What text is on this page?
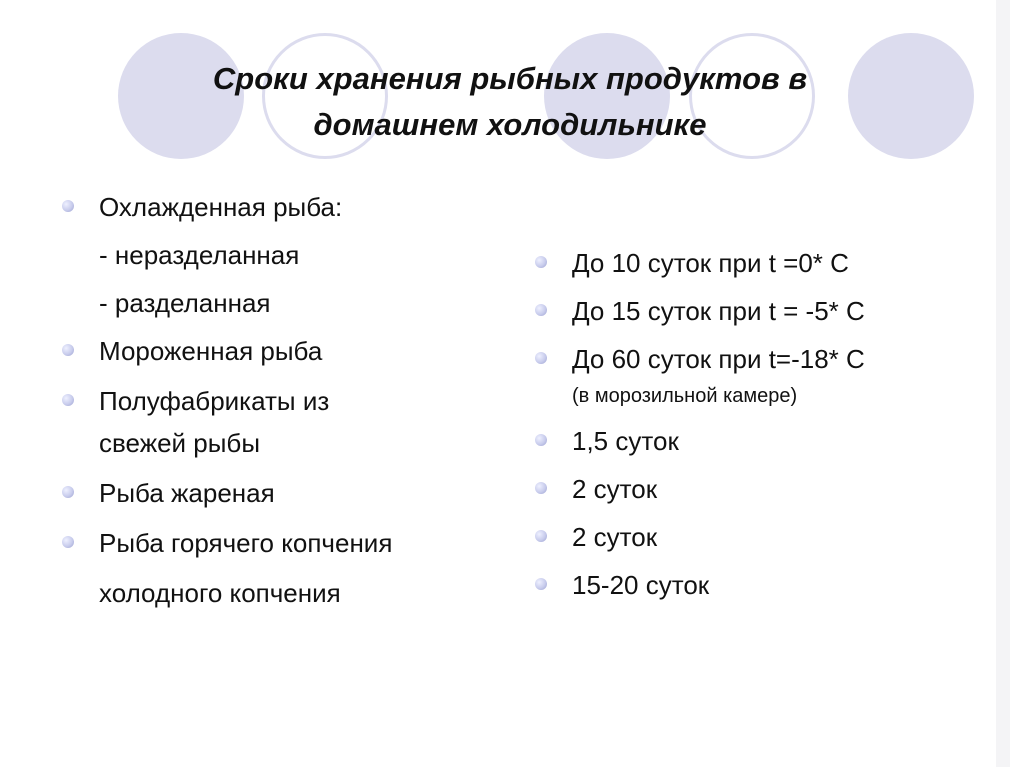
Сроки хранения рыбных продуктов в
домашнем холодильнике
Охлажденная рыба:
- неразделанная
- разделанная
Мороженная рыба
Полуфабрикаты из
свежей рыбы
Рыба жареная
Рыба горячего копчения
холодного копчения
До 10 суток при t =0* С
До 15 суток при t = -5* С
До 60 суток при t=-18* С
(в морозильной камере)
1,5 суток
2 суток
2 суток
15-20 суток
